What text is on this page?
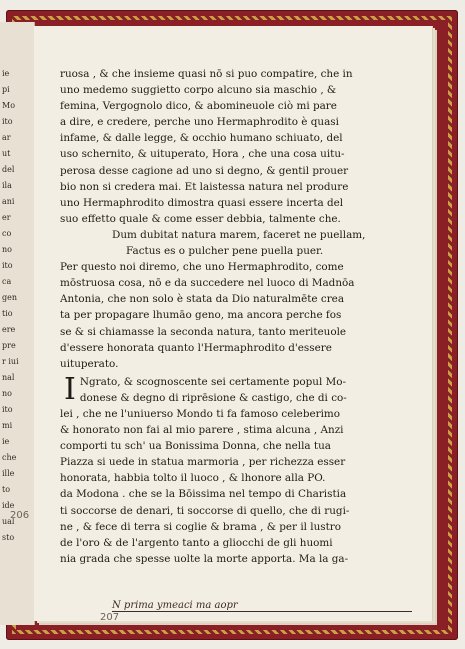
ie
pi
Mo
ito
ar
ut
del
ila
ani
er
co
no
ito
ca
gen
tio
ere
pre
r iui
nal
no
ito
mi
ie
che
ille
to
ide
ual
sto
ruosa , & che insieme quasi nō si puo compatire, che in
uno medemo suggietto corpo alcuno sia maschio , &
femina, Vergognolo dico, & abomineuole ciò mi pare
a dire, e credere, perche uno Hermaphrodito è quasi
infame, & dalle legge, & occhio humano schiuato, del
uso schernito, & uituperato, Hora , che una cosa uitu-
perosa desse cagione ad uno si degno, & gentil prouer
bio non si credera mai. Et laistessa natura nel produre
uno Hermaphrodito dimostra quasi essere incerta del
suo effetto quale & come esser debbia, talmente che.
Dum dubitat natura marem, faceret ne puellam,
Factus es o pulcher pene puella puer.
Per questo noi diremo, che uno Hermaphrodito, come
mōstruosa cosa, nō e da succedere nel luoco di Madnōa
Antonia, che non solo è stata da Dio naturalmēte crea
ta per propagare lhumāo geno, ma ancora perche fos
se & si chiamasse la seconda natura, tanto meriteuole
d'essere honorata quanto l'Hermaphrodito d'essere
uituperato.
I Ngrato, & scognoscente sei certamente popul Mo-
donese & degno di riprēsione & castigo, che di co-
lei , che ne l'uniuerso Mondo ti fa famoso celeberimo
& honorato non fai al mio parere , stima alcuna , Anzi
comporti tu sch' ua Bonissima Donna, che nella tua
Piazza si uede in statua marmoria , per richezza esser
honorata, habbia tolto il luoco , & lhonore alla PO.
da Modona . che se la Bōissima nel tempo di Charistia
ti soccorse de denari, ti soccorse di quello, che di rugi-
ne , & fece di terra si coglie & brama , & per il lustro
de l'oro & de l'argento tanto a gliocchi de gli huomi
nia grada che spesse uolte la morte apporta. Ma la ga-
N prima ymeaci ma aopr
207
206
